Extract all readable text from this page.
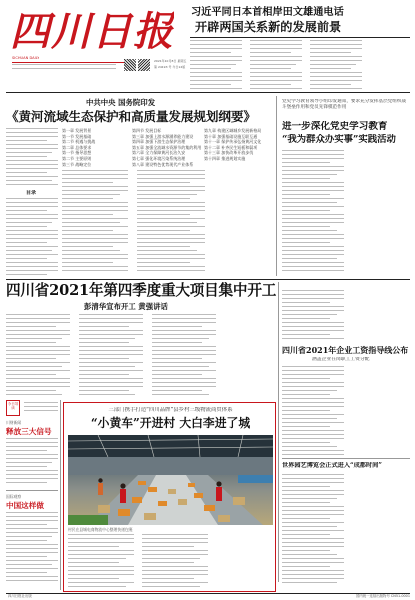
四川日报
SICHUAN DAILY
2021年10月8日 星期五
第 24193 号 今日12版
习近平同日本首相岸田文雄通电话
开辟两国关系新的发展前景

中共中央 国务院印发
《黄河流域生态保护和高质量发展规划纲要》
目录
第一章 发展背景
第一节 发展基础
第二节 机遇与挑战
第二章 总体要求
第一节 指导思想
第二节 主要原则
第三节 战略定位
第四节 发展目标
第三章 加强上游水源涵养能力建设
第四章 加强下游生态保护治理
第五章 加强全流域水资源节约集约利用
第六章 全力保障黄河长治久安
第七章 强化环境污染系统治理
第八章 建设特色优势现代产业体系
第九章 构建区域城乡发展新格局
第十章 加强基础设施互联互通
第十一章 保护传承弘扬黄河文化
第十二章 补齐民生短板和弱项
第十三章 加快改革开放步伐
第十四章 推进规划实施

党史学习教育领导小组印发通知，要求充分发挥基层党组织战斗堡垒作用和党员先锋模范作用
进一步深化党史学习教育
“我为群众办实事”实践活动

四川省2021年第四季度重大项目集中开工
彭清华宣布开工 黄强讲话

四川省2021年企业工资指导线公布
涵盖企业在岗职工工资分配

今日导读
川财新闻
释放三大信号
国际观察
中国这样做
三部门携手打造“四川品牌”县乡村三级物流商贸体系
“小黄车”开进村 大白李进了城
村民在县城电商物流中心整理快递包裹

世界园艺博览会正式进入“成都时间”

四川日报社出版	国内统一连续出版物号 CN51-0001
